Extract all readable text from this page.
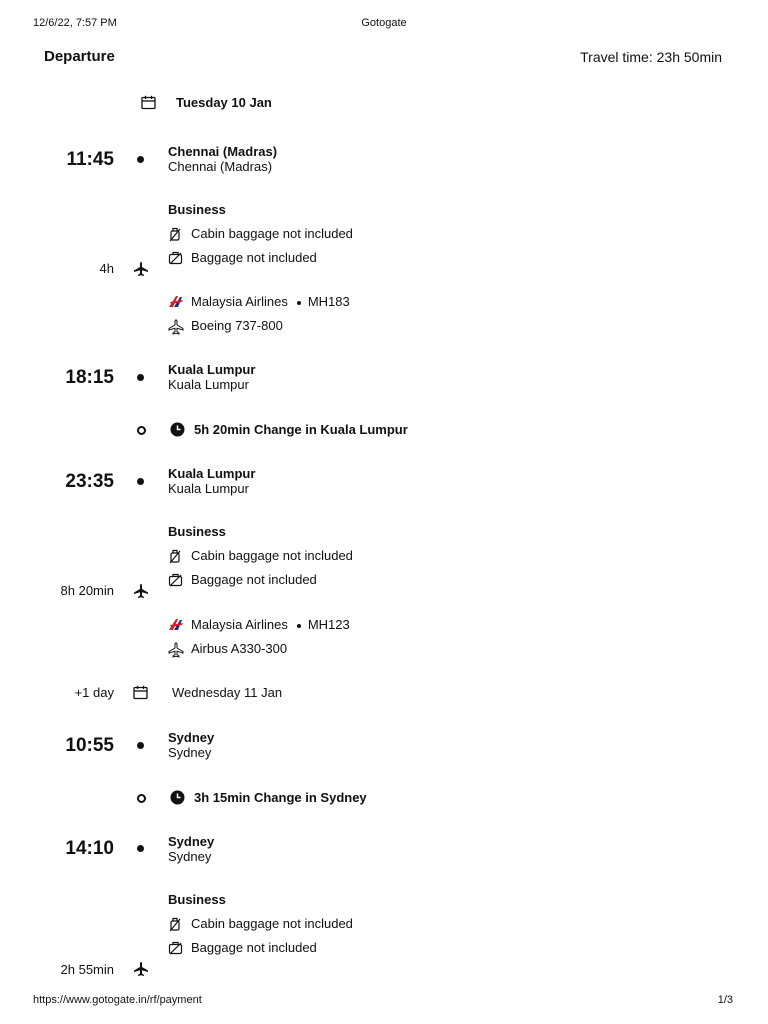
12/6/22, 7:57 PM	Gotogate
Departure	Travel time: 23h 50min
Tuesday 10 Jan
11:45	Chennai (Madras)
Chennai (Madras)
Business
Cabin baggage not included
Baggage not included
4h
Malaysia Airlines MH183
Boeing 737-800
18:15	Kuala Lumpur
Kuala Lumpur
5h 20min Change in Kuala Lumpur
23:35	Kuala Lumpur
Kuala Lumpur
Business
Cabin baggage not included
Baggage not included
8h 20min
Malaysia Airlines MH123
Airbus A330-300
+1 day	Wednesday 11 Jan
10:55	Sydney
Sydney
3h 15min Change in Sydney
14:10	Sydney
Sydney
Business
Cabin baggage not included
Baggage not included
2h 55min
https://www.gotogate.in/rf/payment	1/3
